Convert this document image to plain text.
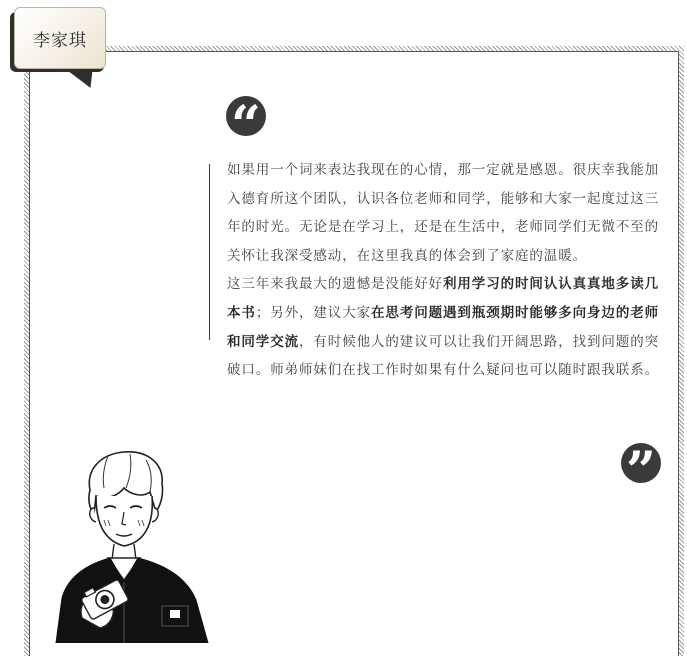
李家琪
“

如果用一个词来表达我现在的心情，那一定就是感恩。很庆幸我能加入德育所这个团队，认识各位老师和同学，能够和大家一起度过这三年的时光。无论是在学习上，还是在生活中，老师同学们无微不至的关怀让我深受感动，在这里我真的体会到了家庭的温暖。

这三年来我最大的遗憾是没能好好利用学习的时间认认真真地多读几本书；另外，建议大家在思考问题遇到瓶颈期时能够多向身边的老师和同学交流，有时候他人的建议可以让我们开阔思路，找到问题的突破口。师弟师妹们在找工作时如果有什么疑问也可以随时跟我联系。

”
